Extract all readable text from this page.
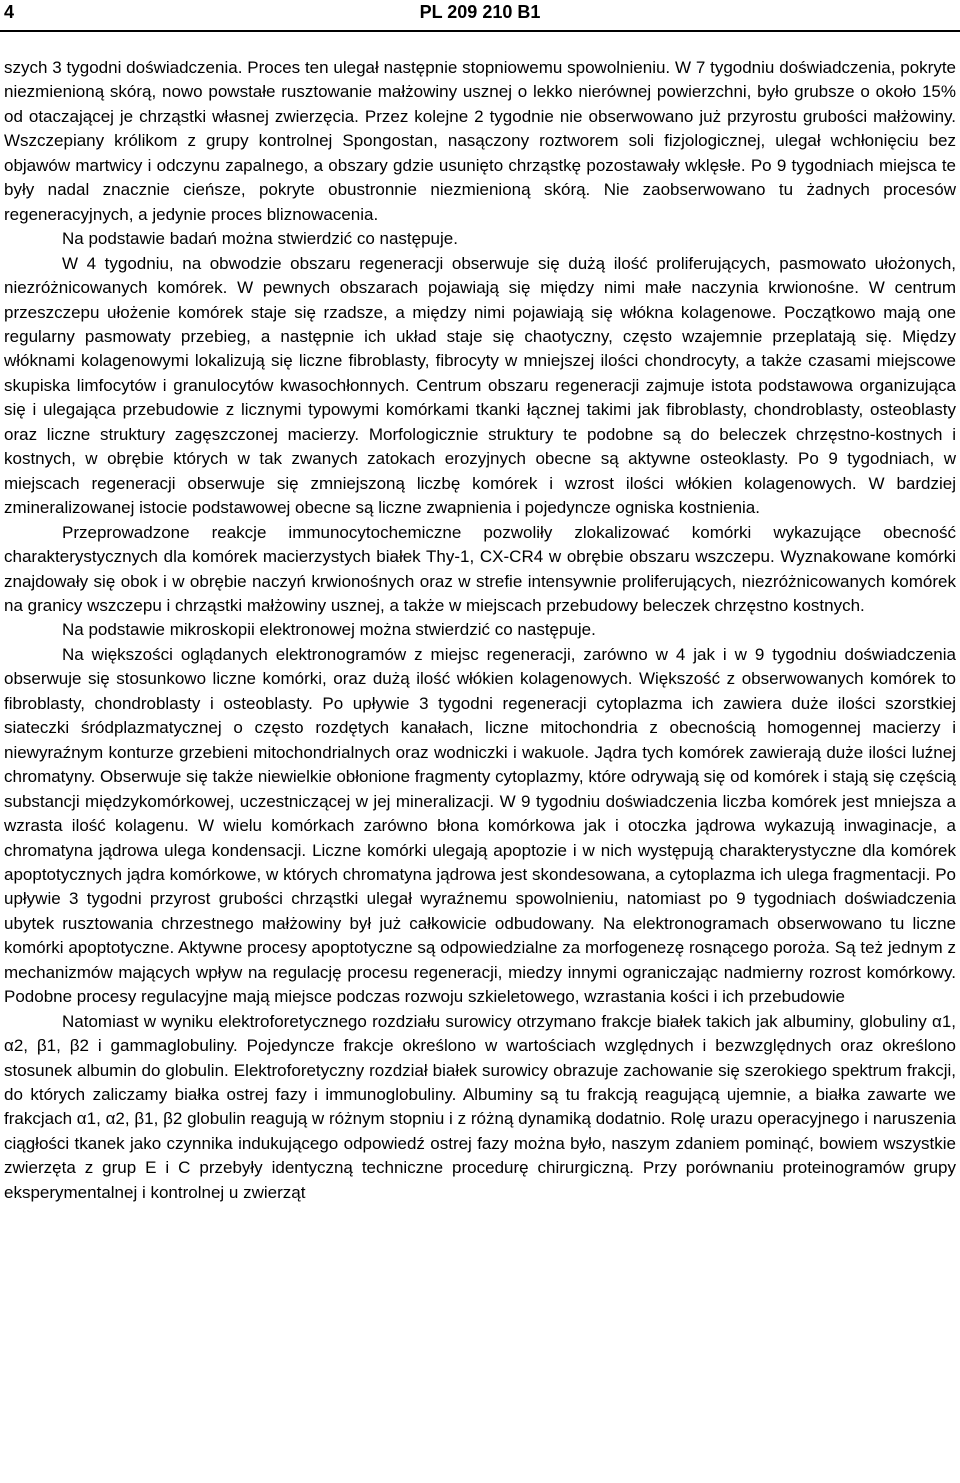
4	PL 209 210 B1

szych 3 tygodni doświadczenia. Proces ten ulegał następnie stopniowemu spowolnieniu. W 7 tygodniu doświadczenia, pokryte niezmienioną skórą, nowo powstałe rusztowanie małżowiny usznej o lekko nierównej powierzchni, było grubsze o około 15% od otaczającej je chrząstki własnej zwierzęcia. Przez kolejne 2 tygodnie nie obserwowano już przyrostu grubości małżowiny. Wszczepiany królikom z grupy kontrolnej Spongostan, nasączony roztworem soli fizjologicznej, ulegał wchłonięciu bez objawów martwicy i odczynu zapalnego, a obszary gdzie usunięto chrząstkę pozostawały wklęsłe. Po 9 tygodniach miejsca te były nadal znacznie cieńsze, pokryte obustronnie niezmienioną skórą. Nie zaobserwowano tu żadnych procesów regeneracyjnych, a jedynie proces bliznowacenia.

Na podstawie badań można stwierdzić co następuje.

W 4 tygodniu, na obwodzie obszaru regeneracji obserwuje się dużą ilość proliferujących, pasmowato ułożonych, niezróżnicowanych komórek. W pewnych obszarach pojawiają się między nimi małe naczynia krwionośne. W centrum przeszczepu ułożenie komórek staje się rzadsze, a między nimi pojawiają się włókna kolagenowe. Początkowo mają one regularny pasmowaty przebieg, a następnie ich układ staje się chaotyczny, często wzajemnie przeplatają się. Między włóknami kolagenowymi lokalizują się liczne fibroblasty, fibrocyty w mniejszej ilości chondrocyty, a także czasami miejscowe skupiska limfocytów i granulocytów kwasochłonnych. Centrum obszaru regeneracji zajmuje istota podstawowa organizująca się i ulegająca przebudowie z licznymi typowymi komórkami tkanki łącznej takimi jak fibroblasty, chondroblasty, osteoblasty oraz liczne struktury zagęszczonej macierzy. Morfologicznie struktury te podobne są do beleczek chrzęstno-kostnych i kostnych, w obrębie których w tak zwanych zatokach erozyjnych obecne są aktywne osteoklasty. Po 9 tygodniach, w miejscach regeneracji obserwuje się zmniejszoną liczbę komórek i wzrost ilości włókien kolagenowych. W bardziej zmineralizowanej istocie podstawowej obecne są liczne zwapnienia i pojedyncze ogniska kostnienia.

Przeprowadzone reakcje immunocytochemiczne pozwoliły zlokalizować komórki wykazujące obecność charakterystycznych dla komórek macierzystych białek Thy-1, CX-CR4 w obrębie obszaru wszczepu. Wyznakowane komórki znajdowały się obok i w obrębie naczyń krwionośnych oraz w strefie intensywnie proliferujących, niezróżnicowanych komórek na granicy wszczepu i chrząstki małżowiny usznej, a także w miejscach przebudowy beleczek chrzęstno kostnych.

Na podstawie mikroskopii elektronowej można stwierdzić co następuje.

Na większości oglądanych elektronogramów z miejsc regeneracji, zarówno w 4 jak i w 9 tygodniu doświadczenia obserwuje się stosunkowo liczne komórki, oraz dużą ilość włókien kolagenowych. Większość z obserwowanych komórek to fibroblasty, chondroblasty i osteoblasty. Po upływie 3 tygodni regeneracji cytoplazma ich zawiera duże ilości szorstkiej siateczki śródplazmatycznej o często rozdętych kanałach, liczne mitochondria z obecnością homogennej macierzy i niewyraźnym konturze grzebieni mitochondrialnych oraz wodniczki i wakuole. Jądra tych komórek zawierają duże ilości luźnej chromatyny. Obserwuje się także niewielkie obłonione fragmenty cytoplazmy, które odrywają się od komórek i stają się częścią substancji międzykomórkowej, uczestniczącej w jej mineralizacji. W 9 tygodniu doświadczenia liczba komórek jest mniejsza a wzrasta ilość kolagenu. W wielu komórkach zarówno błona komórkowa jak i otoczka jądrowa wykazują inwaginacje, a chromatyna jądrowa ulega kondensacji. Liczne komórki ulegają apoptozie i w nich występują charakterystyczne dla komórek apoptotycznych jądra komórkowe, w których chromatyna jądrowa jest skondesowana, a cytoplazma ich ulega fragmentacji. Po upływie 3 tygodni przyrost grubości chrząstki ulegał wyraźnemu spowolnieniu, natomiast po 9 tygodniach doświadczenia ubytek rusztowania chrzestnego małżowiny był już całkowicie odbudowany. Na elektronogramach obserwowano tu liczne komórki apoptotyczne. Aktywne procesy apoptotyczne są odpowiedzialne za morfogenezę rosnącego poroża. Są też jednym z mechanizmów mających wpływ na regulację procesu regeneracji, miedzy innymi ograniczając nadmierny rozrost komórkowy. Podobne procesy regulacyjne mają miejsce podczas rozwoju szkieletowego, wzrastania kości i ich przebudowie

Natomiast w wyniku elektroforetycznego rozdziału surowicy otrzymano frakcje białek takich jak albuminy, globuliny α1, α2, β1, β2 i gammaglobuliny. Pojedyncze frakcje określono w wartościach względnych i bezwzględnych oraz określono stosunek albumin do globulin. Elektroforetyczny rozdział białek surowicy obrazuje zachowanie się szerokiego spektrum frakcji, do których zaliczamy białka ostrej fazy i immunoglobuliny. Albuminy są tu frakcją reagującą ujemnie, a białka zawarte we frakcjach α1, α2, β1, β2 globulin reagują w różnym stopniu i z różną dynamiką dodatnio. Rolę urazu operacyjnego i naruszenia ciągłości tkanek jako czynnika indukującego odpowiedź ostrej fazy można było, naszym zdaniem pominąć, bowiem wszystkie zwierzęta z grup E i C przebyły identyczną techniczne procedurę chirurgiczną. Przy porównaniu proteinogramów grupy eksperymentalnej i kontrolnej u zwierząt
